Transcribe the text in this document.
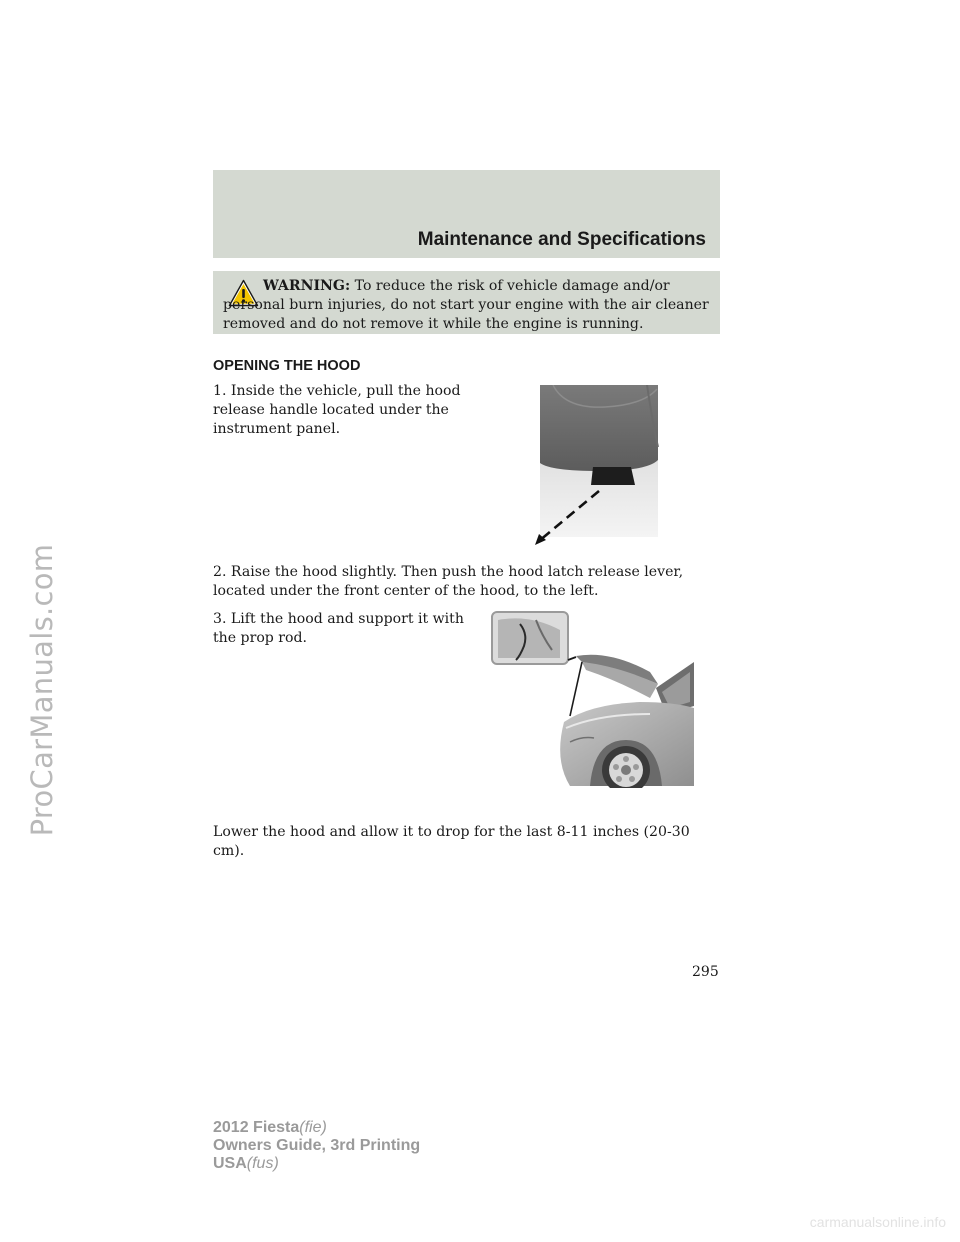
ProCarManuals.com
Maintenance and Specifications

WARNING: To reduce the risk of vehicle damage and/or personal burn injuries, do not start your engine with the air cleaner removed and do not remove it while the engine is running.

OPENING THE HOOD

1. Inside the vehicle, pull the hood release handle located under the instrument panel.

2. Raise the hood slightly. Then push the hood latch release lever, located under the front center of the hood, to the left.

3. Lift the hood and support it with the prop rod.

Lower the hood and allow it to drop for the last 8-11 inches (20-30 cm).

295

2012 Fiesta(fie)
Owners Guide, 3rd Printing
USA(fus)
carmanualsonline.info
